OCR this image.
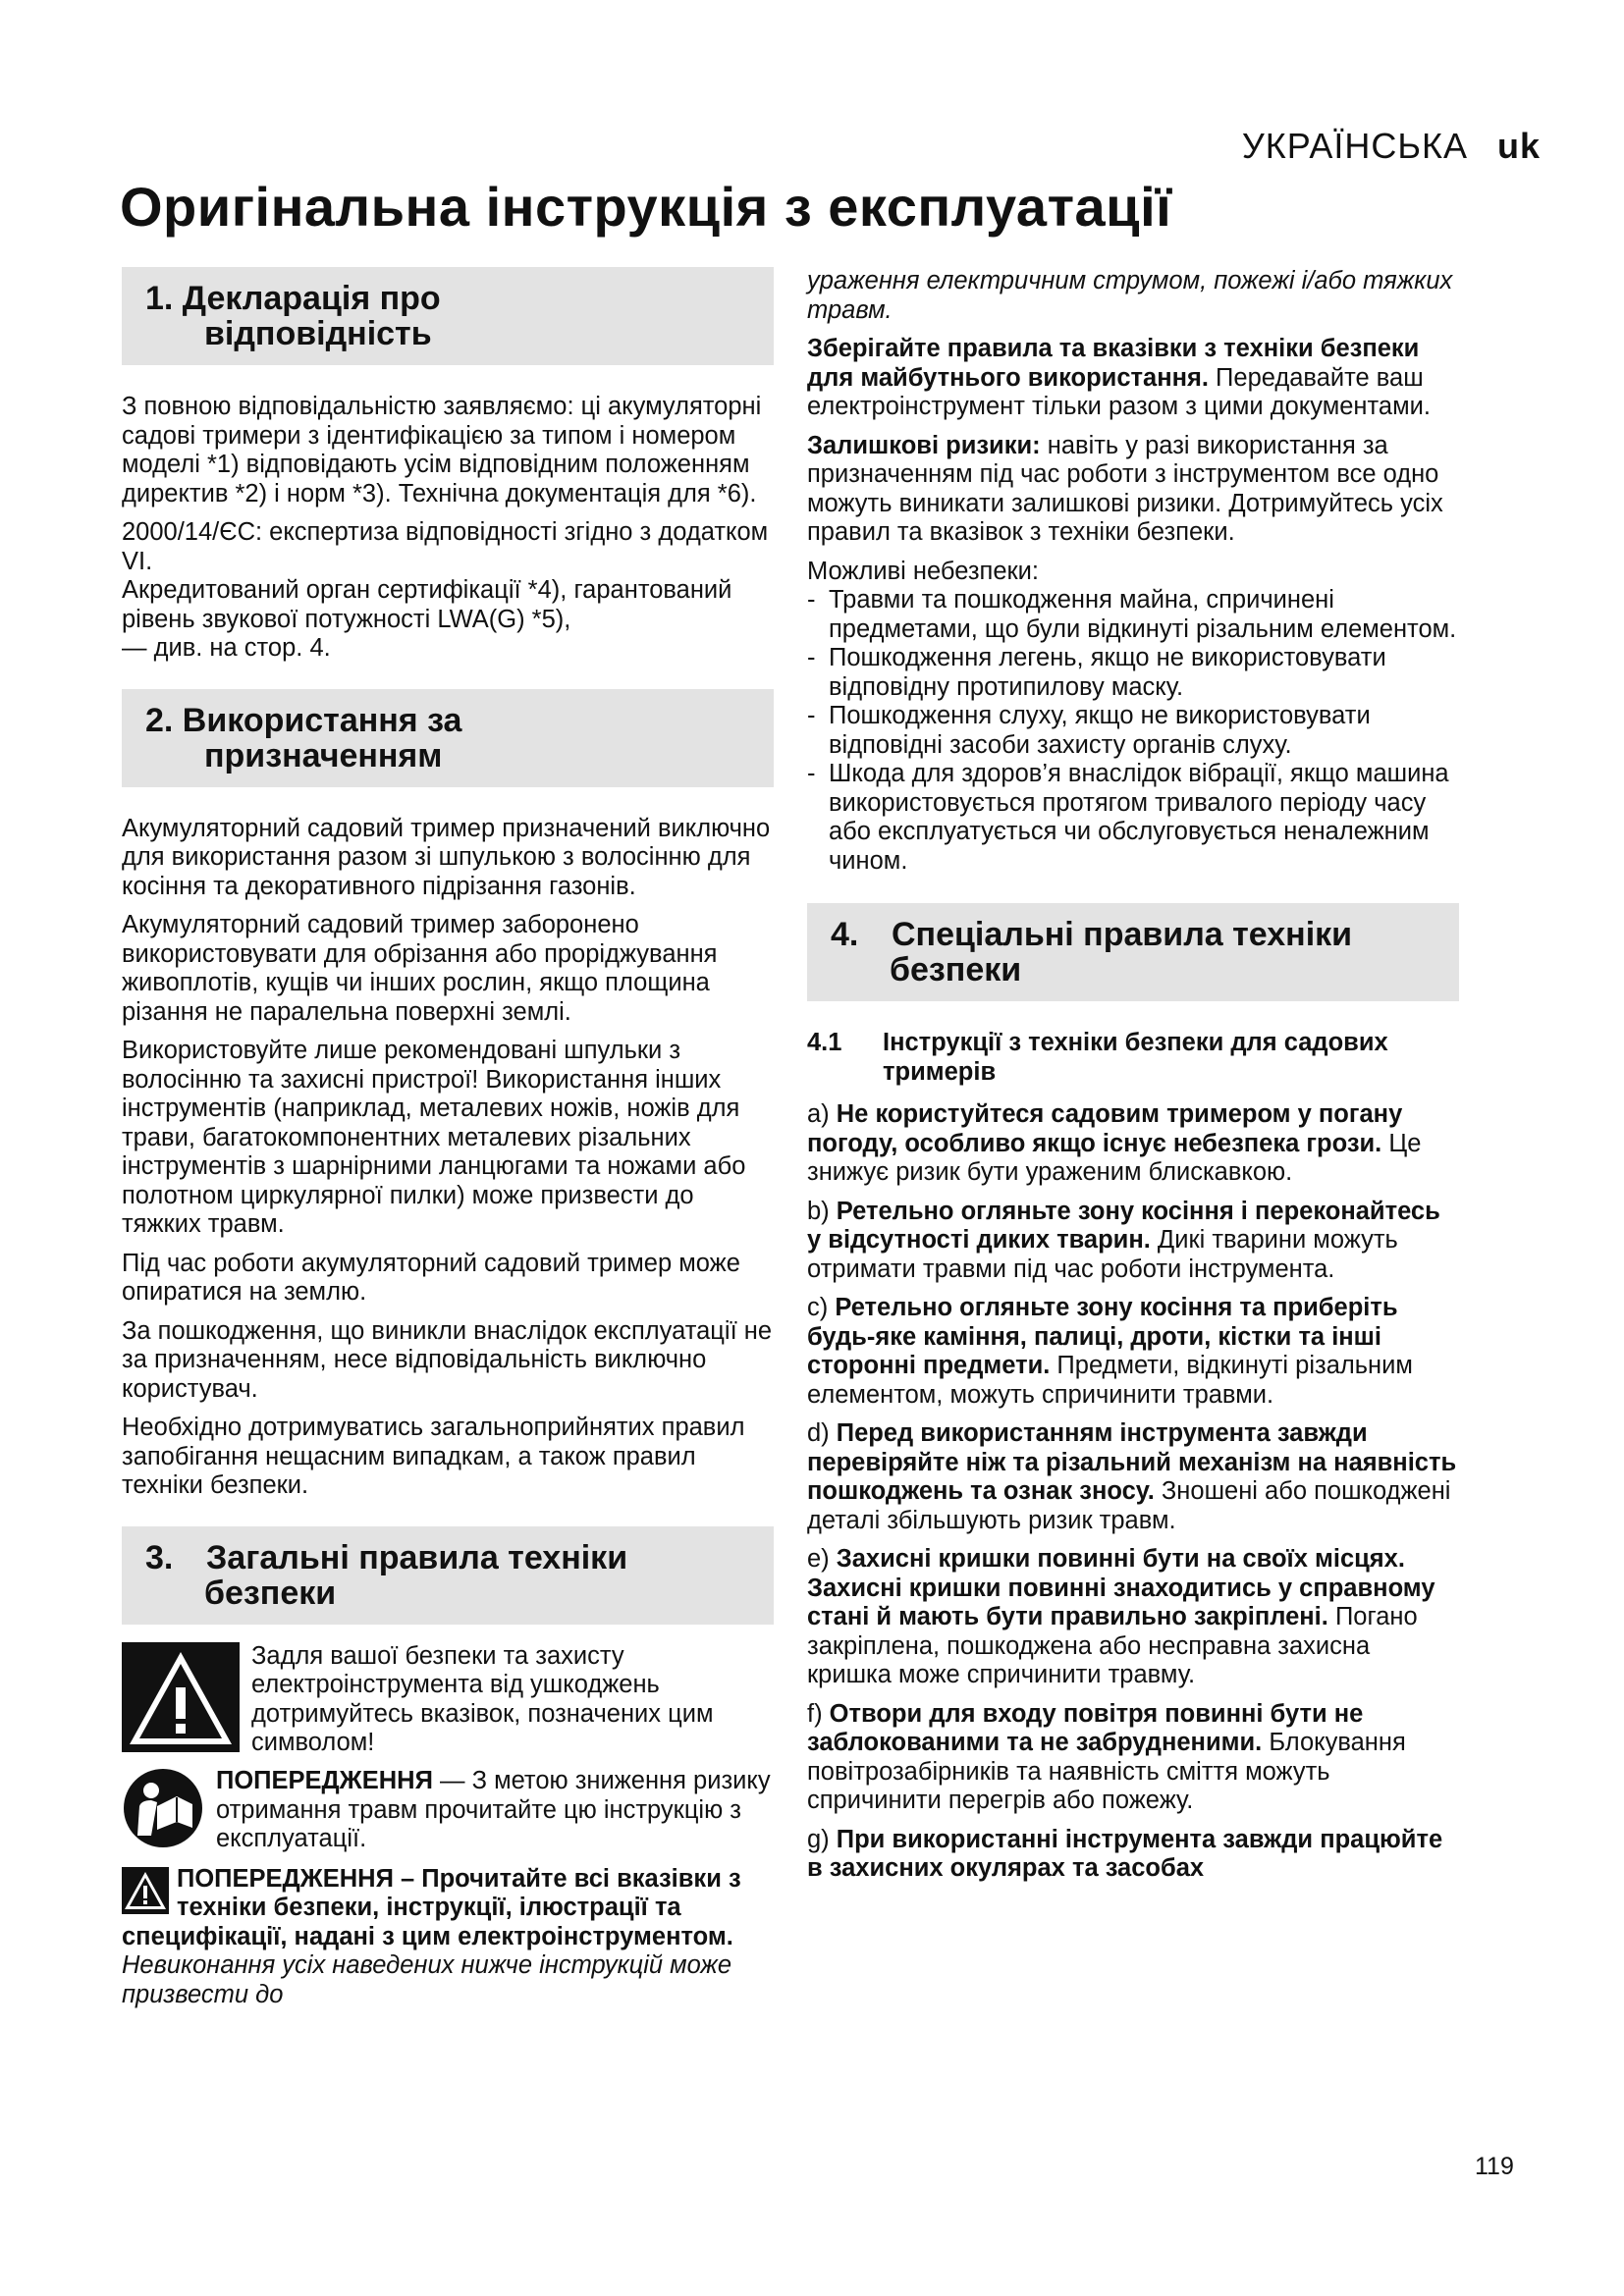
УКРАЇНСЬКА uk
Оригінальна інструкція з експлуатації
1. Декларація про
відповідність

З повною відповідальністю заявляємо: ці акумуляторні садові тримери з ідентифікацією за типом і номером моделі *1) відповідають усім відповідним положенням директив *2) і норм *3). Технічна документація для *6).

2000/14/ЄС: експертиза відповідності згідно з додатком VI.
Акредитований орган сертифікації *4), гарантований рівень звукової потужності LWA(G) *5),
— див. на стор. 4.

2. Використання за
призначенням

Акумуляторний садовий тример призначений виключно для використання разом зі шпулькою з волосінню для косіння та декоративного підрізання газонів.

Акумуляторний садовий тример заборонено використовувати для обрізання або проріджування живоплотів, кущів чи інших рослин, якщо площина різання не паралельна поверхні землі.

Використовуйте лише рекомендовані шпульки з волосінню та захисні пристрої! Використання інших інструментів (наприклад, металевих ножів, ножів для трави, багатокомпонентних металевих різальних інструментів з шарнірними ланцюгами та ножами або полотном циркулярної пилки) може призвести до тяжких травм.

Під час роботи акумуляторний садовий тример може опиратися на землю.

За пошкодження, що виникли внаслідок експлуатації не за призначенням, несе відповідальність виключно користувач.

Необхідно дотримуватись загальноприйнятих правил запобігання нещасним випадкам, а також правил техніки безпеки.

3. Загальні правила техніки
безпеки
Задля вашої безпеки та захисту електроінструмента від ушкоджень дотримуйтесь вказівок, позначених цим символом!
ПОПЕРЕДЖЕННЯ — З метою зниження ризику отримання травм прочитайте цю інструкцію з експлуатації.
ПОПЕРЕДЖЕННЯ – Прочитайте всі вказівки з техніки безпеки, інструкції, ілюстрації та специфікації, надані з цим електроінструментом. Невиконання усіх наведених нижче інструкцій може призвести до

ураження електричним струмом, пожежі і/або тяжких травм.

Зберігайте правила та вказівки з техніки безпеки для майбутнього використання. Передавайте ваш електроінструмент тільки разом з цими документами.

Залишкові ризики: навіть у разі використання за призначенням під час роботи з інструментом все одно можуть виникати залишкові ризики. Дотримуйтесь усіх правил та вказівок з техніки безпеки.

Можливі небезпеки:

- Травми та пошкодження майна, спричинені предметами, що були відкинуті різальним елементом.
- Пошкодження легень, якщо не використовувати відповідну протипилову маску.
- Пошкодження слуху, якщо не використовувати відповідні засоби захисту органів слуху.
- Шкода для здоров’я внаслідок вібрації, якщо машина використовується протягом тривалого періоду часу або експлуатується чи обслуговується неналежним чином.
4. Спеціальні правила техніки
безпеки
4.1	Інструкції з техніки безпеки для садових тримерів

a) Не користуйтеся садовим тримером у погану погоду, особливо якщо існує небезпека грози. Це знижує ризик бути ураженим блискавкою.

b) Ретельно огляньте зону косіння і переконайтесь у відсутності диких тварин. Дикі тварини можуть отримати травми під час роботи інструмента.

c) Ретельно огляньте зону косіння та приберіть будь-яке каміння, палиці, дроти, кістки та інші сторонні предмети. Предмети, відкинуті різальним елементом, можуть спричинити травми.

d) Перед використанням інструмента завжди перевіряйте ніж та різальний механізм на наявність пошкоджень та ознак зносу. Зношені або пошкоджені деталі збільшують ризик травм.

e) Захисні кришки повинні бути на своїх місцях. Захисні кришки повинні знаходитись у справному стані й мають бути правильно закріплені. Погано закріплена, пошкоджена або несправна захисна кришка може спричинити травму.

f) Отвори для входу повітря повинні бути не заблокованими та не забрудненими. Блокування повітрозабірників та наявність сміття можуть спричинити перегрів або пожежу.

g) При використанні інструмента завжди працюйте в захисних окулярах та засобах

119
